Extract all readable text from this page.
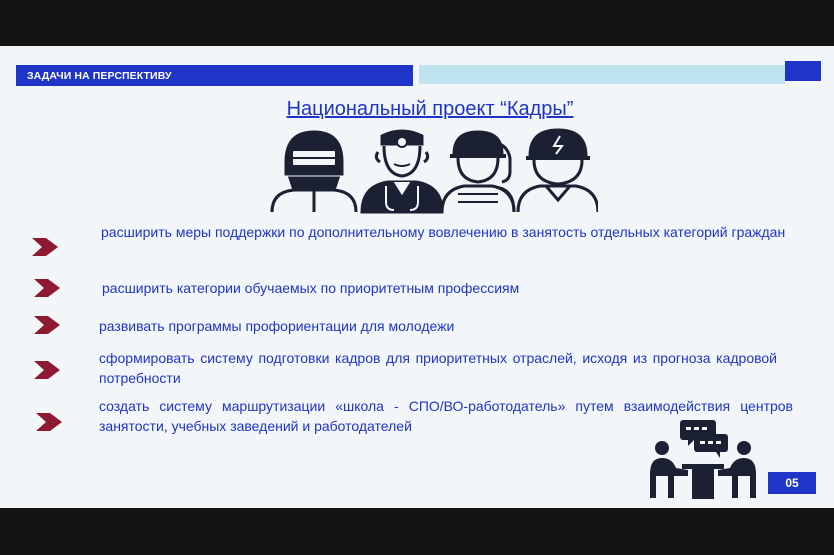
ЗАДАЧИ НА ПЕРСПЕКТИВУ
Национальный проект “Кадры”
расширить меры поддержки по дополнительному вовлечению в занятость отдельных категорий граждан
расширить категории обучаемых по приоритетным профессиям
развивать программы профориентации для молодежи
сформировать систему подготовки кадров для приоритетных отраслей, исходя из прогноза кадровой потребности
создать систему маршрутизации «школа - СПО/ВО-работодатель» путем взаимодействия центров занятости, учебных заведений и работодателей
05
